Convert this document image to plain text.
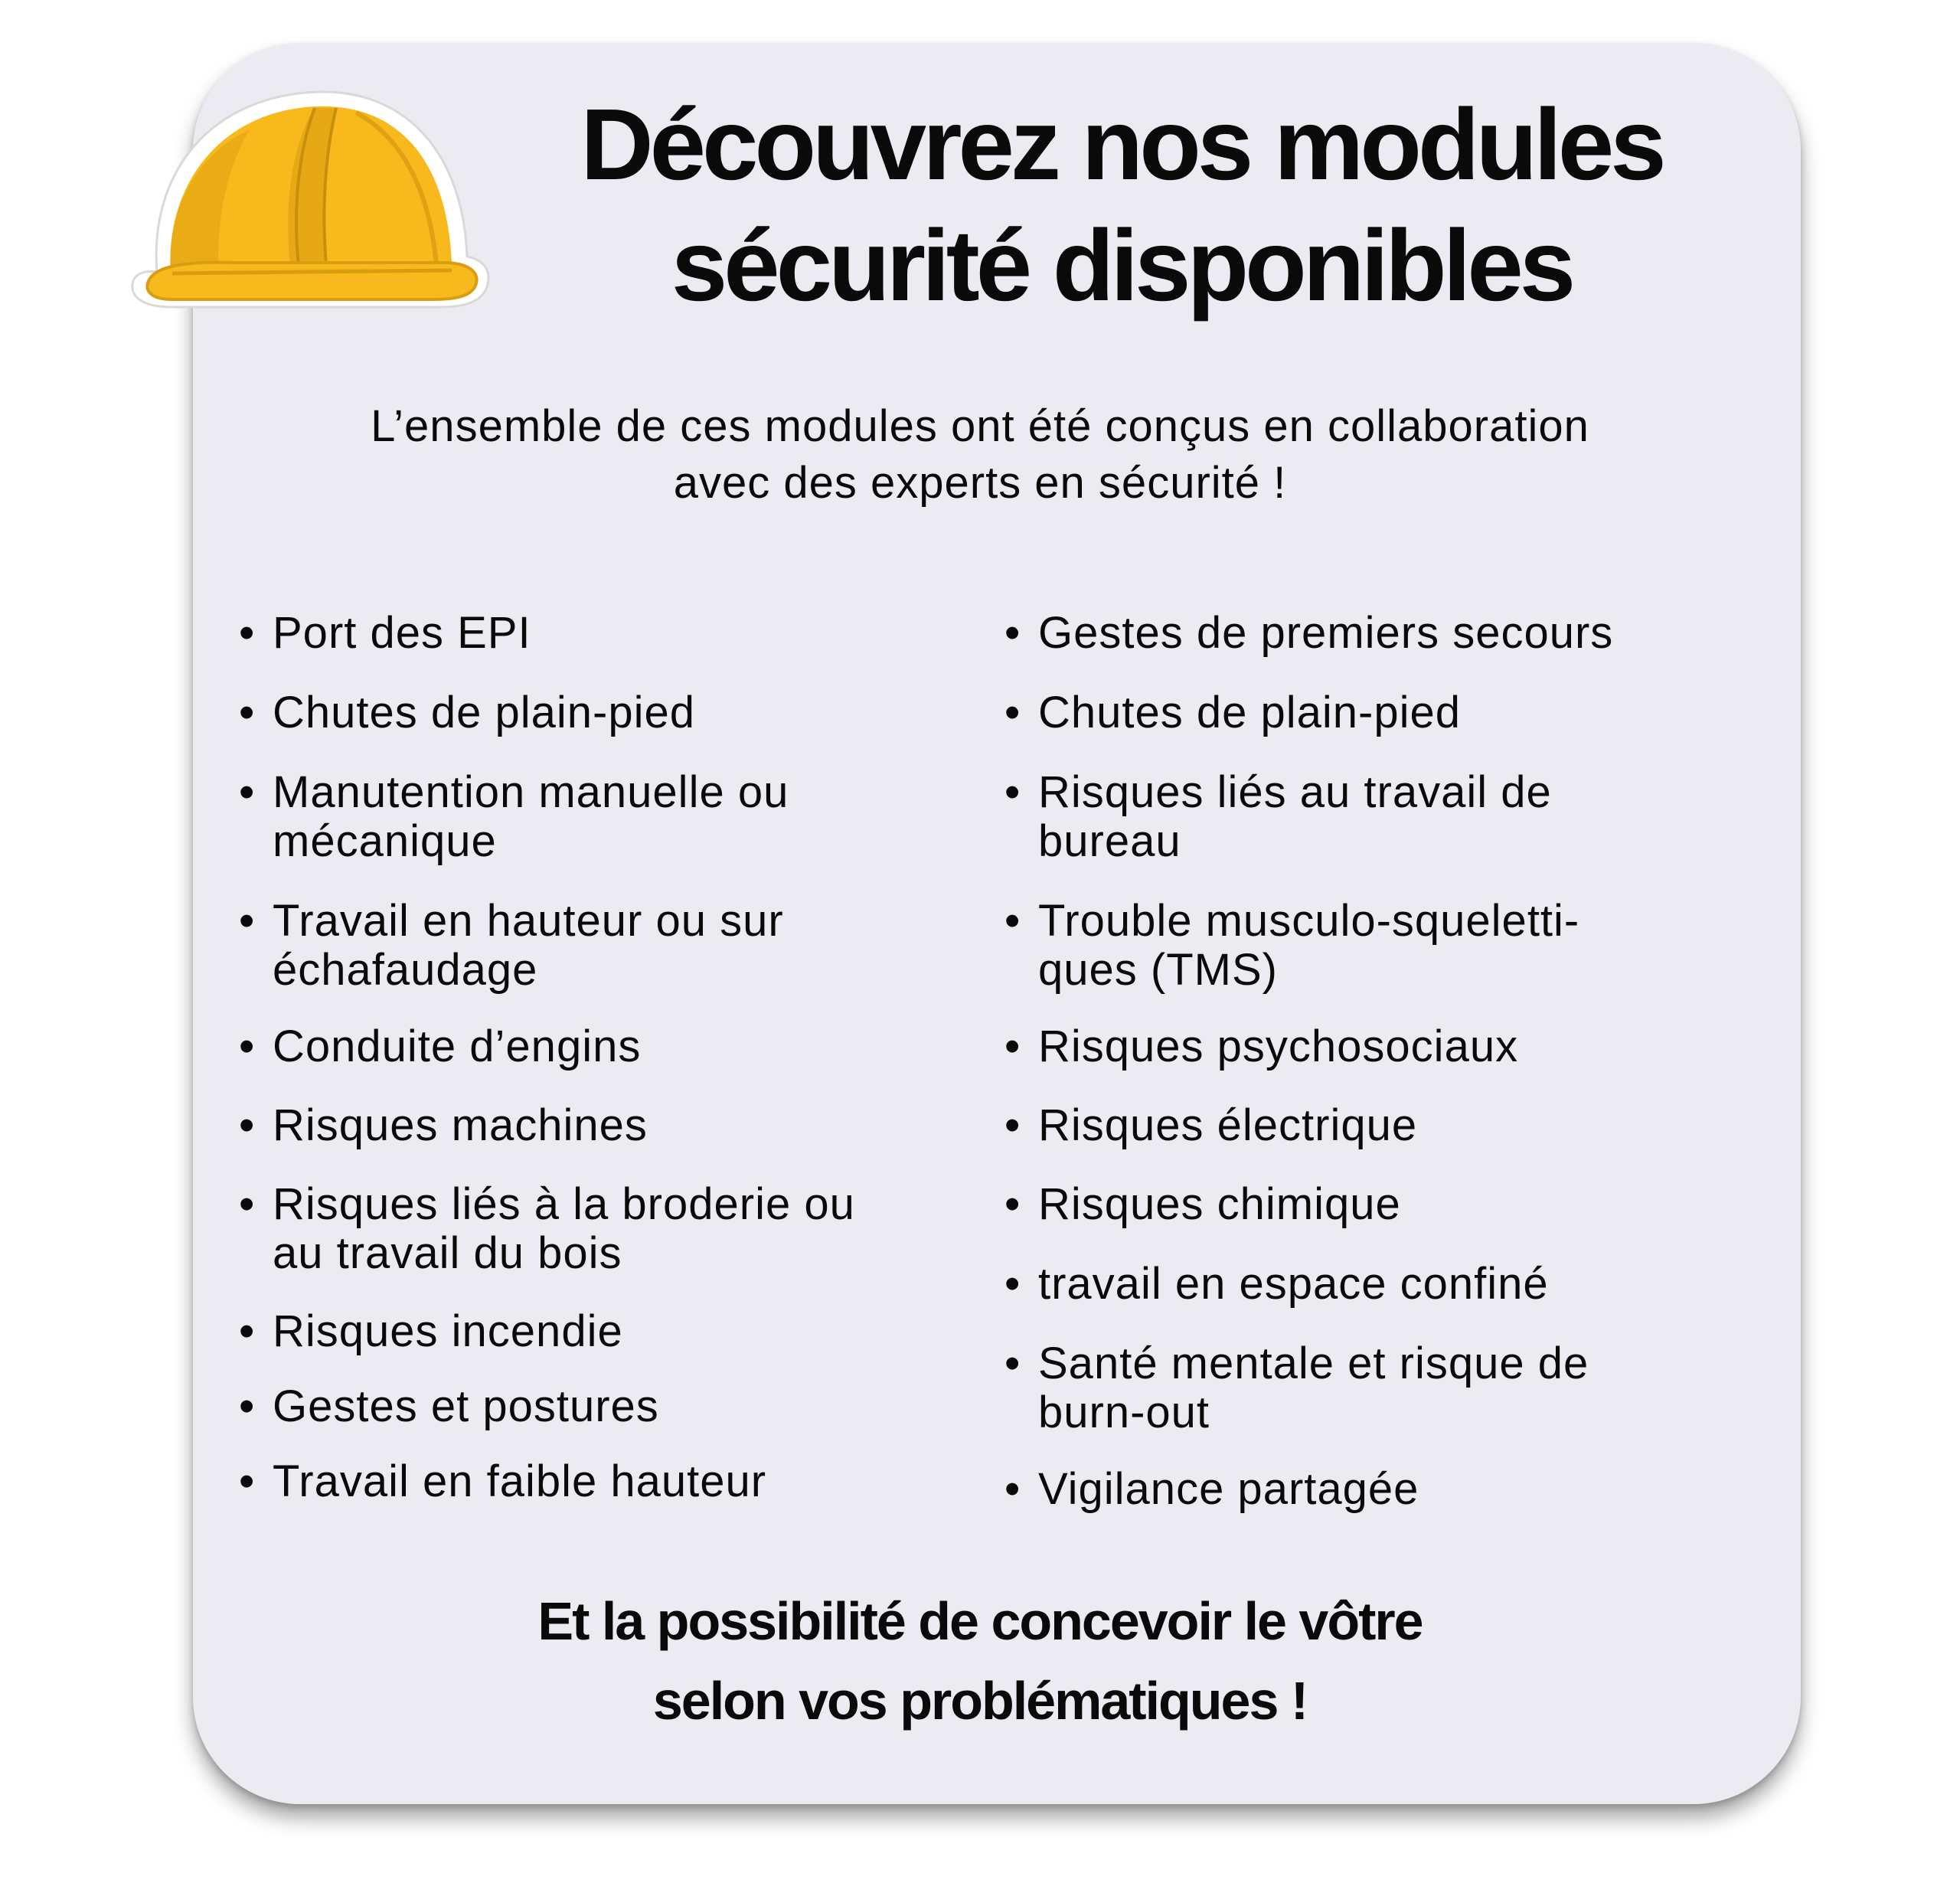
Découvrez nos modules
sécurité disponibles

L’ensemble de ces modules ont été conçus en collaboration
avec des experts en sécurité !

• Port des EPI
• Chutes de plain-pied
• Manutention manuelle ou
mécanique
• Travail en hauteur ou sur
échafaudage
• Conduite d’engins
• Risques machines
• Risques liés à la broderie ou
au travail du bois
• Risques incendie
• Gestes et postures
• Travail en faible hauteur
• Gestes de premiers secours
• Chutes de plain-pied
• Risques liés au travail de
bureau
• Trouble musculo-squeletti-
ques (TMS)
• Risques psychosociaux
• Risques électrique
• Risques chimique
• travail en espace confiné
• Santé mentale et risque de
burn-out
• Vigilance partagée

Et la possibilité de concevoir le vôtre
selon vos problématiques !
